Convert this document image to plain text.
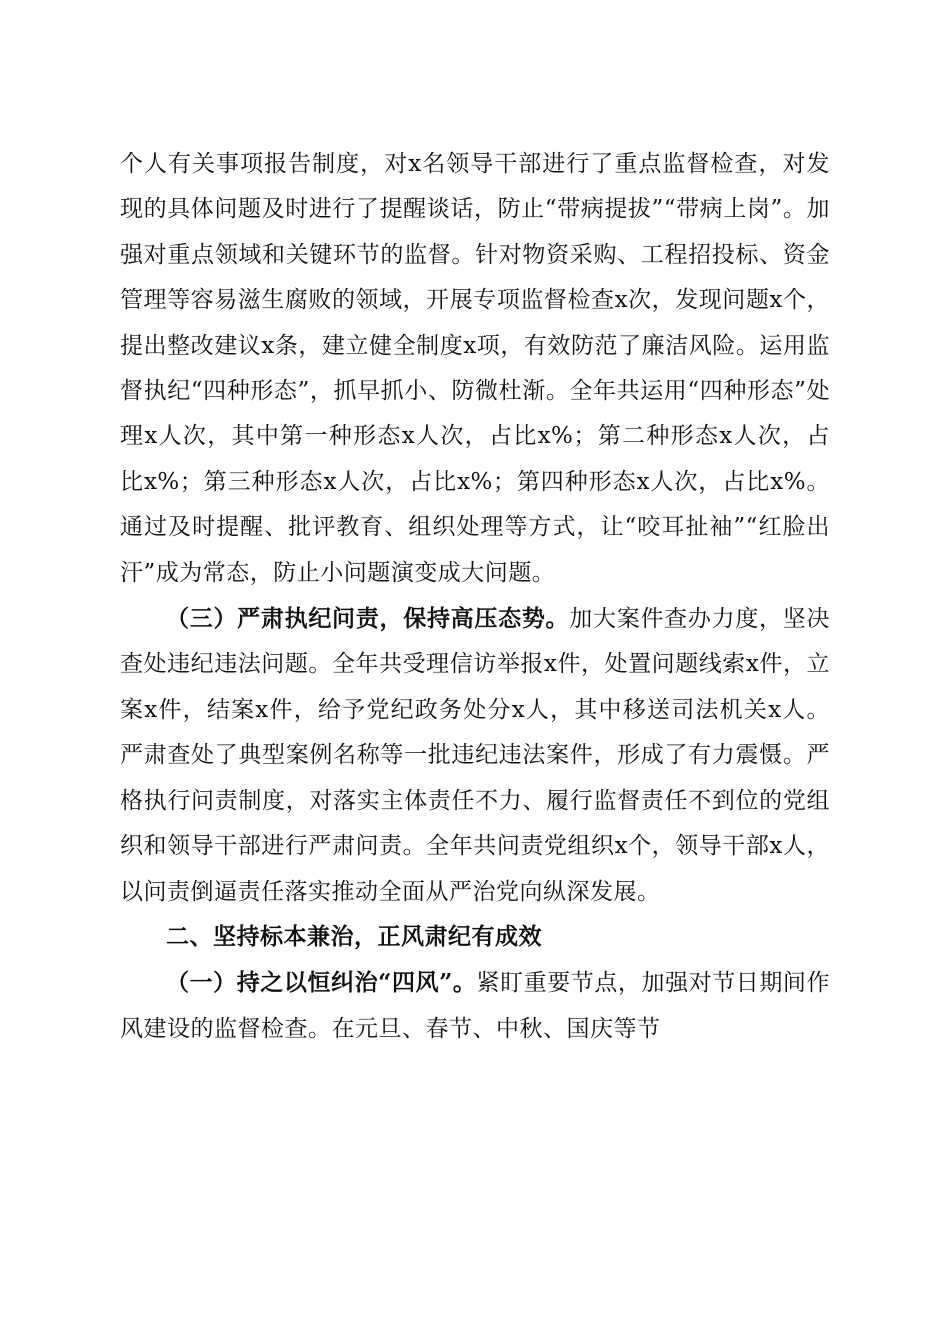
个人有关事项报告制度，对x名领导干部进行了重点监督检查，对发现的具体问题及时进行了提醒谈话，防止“带病提拔”“带病上岗”。加强对重点领域和关键环节的监督。针对物资采购、工程招投标、资金管理等容易滋生腐败的领域，开展专项监督检查x次，发现问题x个，提出整改建议x条，建立健全制度x项，有效防范了廉洁风险。运用监督执纪“四种形态”，抓早抓小、防微杜渐。全年共运用“四种形态”处理x人次，其中第一种形态x人次，占比x%；第二种形态x人次，占比x%；第三种形态x人次，占比x%；第四种形态x人次，占比x%。通过及时提醒、批评教育、组织处理等方式，让“咬耳扯袖”“红脸出汗”成为常态，防止小问题演变成大问题。

（三）严肃执纪问责，保持高压态势。加大案件查办力度，坚决查处违纪违法问题。全年共受理信访举报x件，处置问题线索x件，立案x件，结案x件，给予党纪政务处分x人，其中移送司法机关x人。严肃查处了典型案例名称等一批违纪违法案件，形成了有力震慑。严格执行问责制度，对落实主体责任不力、履行监督责任不到位的党组织和领导干部进行严肃问责。全年共问责党组织x个，领导干部x人，以问责倒逼责任落实推动全面从严治党向纵深发展。

二、坚持标本兼治，正风肃纪有成效

（一）持之以恒纠治“四风”。紧盯重要节点，加强对节日期间作风建设的监督检查。在元旦、春节、中秋、国庆等节
